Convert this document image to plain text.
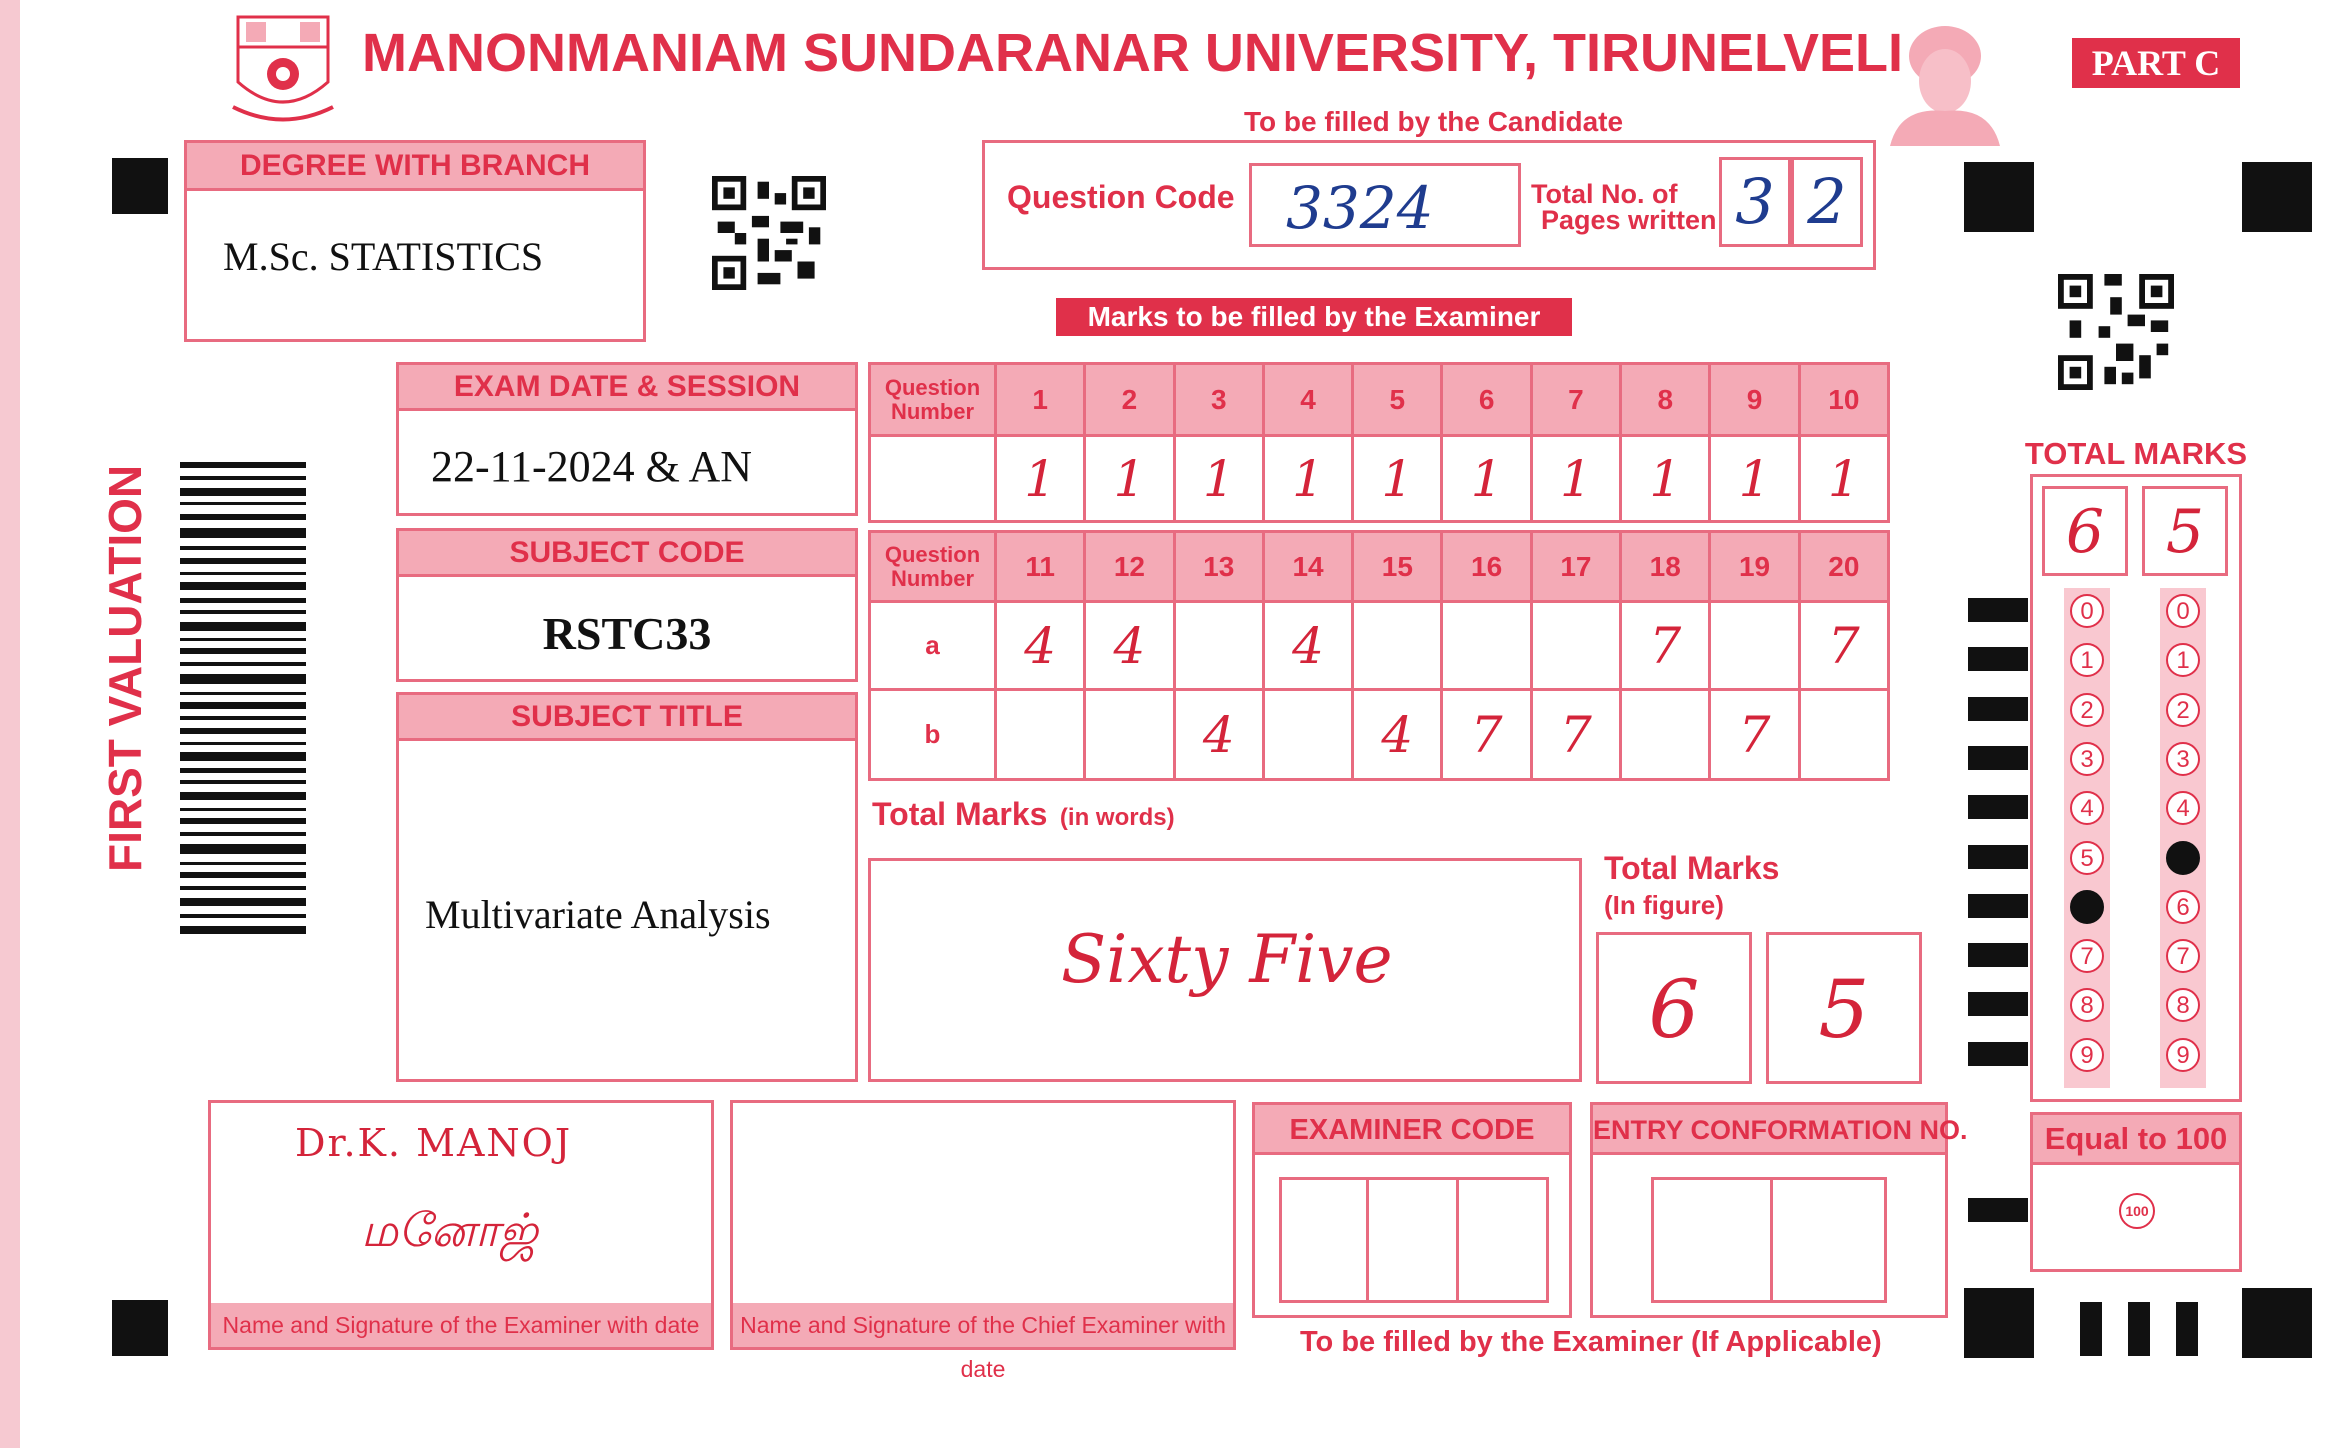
MANONMANIAM SUNDARANAR UNIVERSITY, TIRUNELVELI	PART C
DEGREE WITH BRANCH
M.Sc. STATISTICS
To be filled by the Candidate
Question Code 3324	Total No. of
Pages written 3 2
Marks to be filled by the Examiner
FIRST VALUATION
EXAM DATE & SESSION
22-11-2024 & AN
SUBJECT CODE
RSTC33
SUBJECT TITLE
Multivariate Analysis
Question
Number	1	2	3	4	5	6	7	8	9	10
	1	1	1	1	1	1	1	1	1	1
Question
Number	11	12	13	14	15	16	17	18	19	20
a	4	4		4				7		7
b			4		4	7	7		7	
Total Marks (in words)
Sixty Five
Total Marks
(In figure)
6	5
TOTAL MARKS
6	5
0
1
2
3
4
5
7
8
9
0
1
2
3
4
6
7
8
9
Equal to 100
100
Dr.K. MANOJ
மனோஜ்
Name and Signature of the Examiner with date	Name and Signature of the Chief Examiner with date
EXAMINER CODE	ENTRY CONFORMATION NO.
To be filled by the Examiner (If Applicable)
